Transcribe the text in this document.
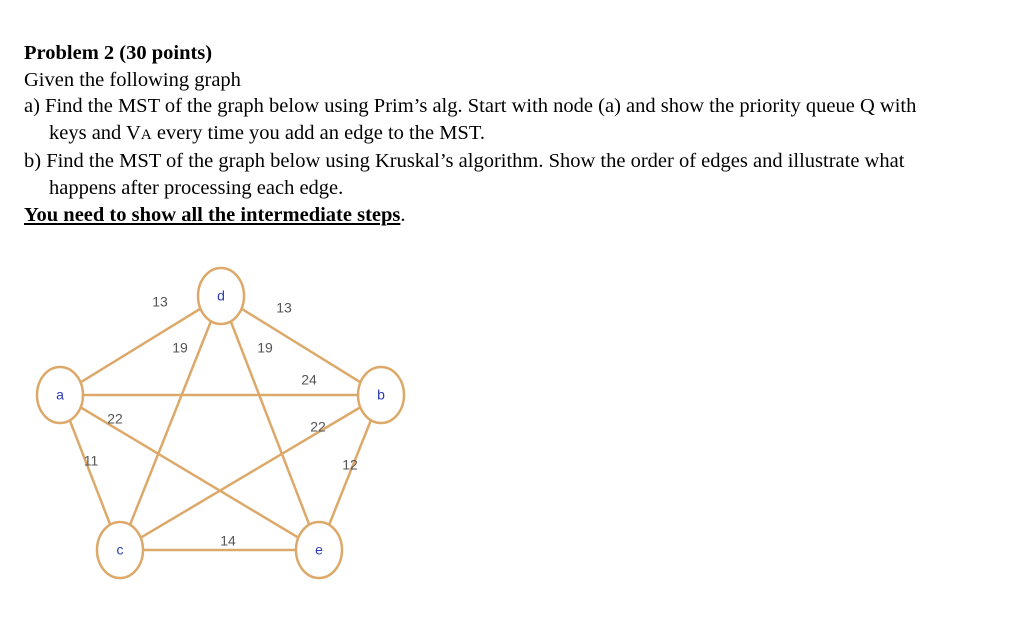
Problem 2 (30 points)

Given the following graph

a) Find the MST of the graph below using Prim’s alg. Start with node (a) and show the priority queue Q with

keys and VA every time you add an edge to the MST.

b) Find the MST of the graph below using Kruskal’s algorithm. Show the order of edges and illustrate what

happens after processing each edge.

You need to show all the intermediate steps.

13	13
19	19
24
22	22
11	12
14
a	b
c
d
e
